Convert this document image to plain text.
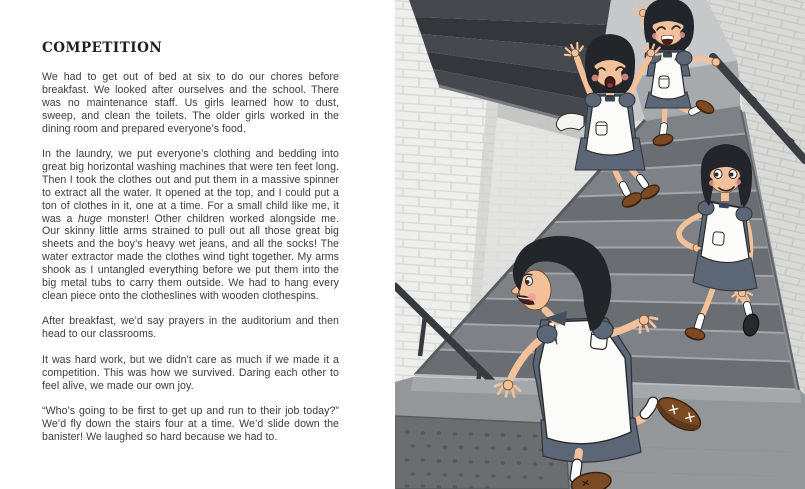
COMPETITION

We had to get out of bed at six to do our chores before breakfast. We looked after ourselves and the school. There was no maintenance staff. Us girls learned how to dust, sweep, and clean the toilets. The older girls worked in the dining room and prepared everyone’s food.

In the laundry, we put everyone’s clothing and bedding into great big horizontal washing machines that were ten feet long. Then I took the clothes out and put them in a massive spinner to extract all the water. It opened at the top, and I could put a ton of clothes in it, one at a time. For a small child like me, it was a huge monster! Other children worked alongside me. Our skinny little arms strained to pull out all those great big sheets and the boy’s heavy wet jeans, and all the socks! The water extractor made the clothes wind tight together. My arms shook as I untangled everything before we put them into the big metal tubs to carry them outside. We had to hang every clean piece onto the clotheslines with wooden clothespins.

After breakfast, we’d say prayers in the auditorium and then head to our classrooms.

It was hard work, but we didn’t care as much if we made it a competition. This was how we survived. Daring each other to feel alive, we made our own joy.

“Who’s going to be first to get up and run to their job today?” We’d fly down the stairs four at a time. We’d slide down the banister! We laughed so hard because we had to.
